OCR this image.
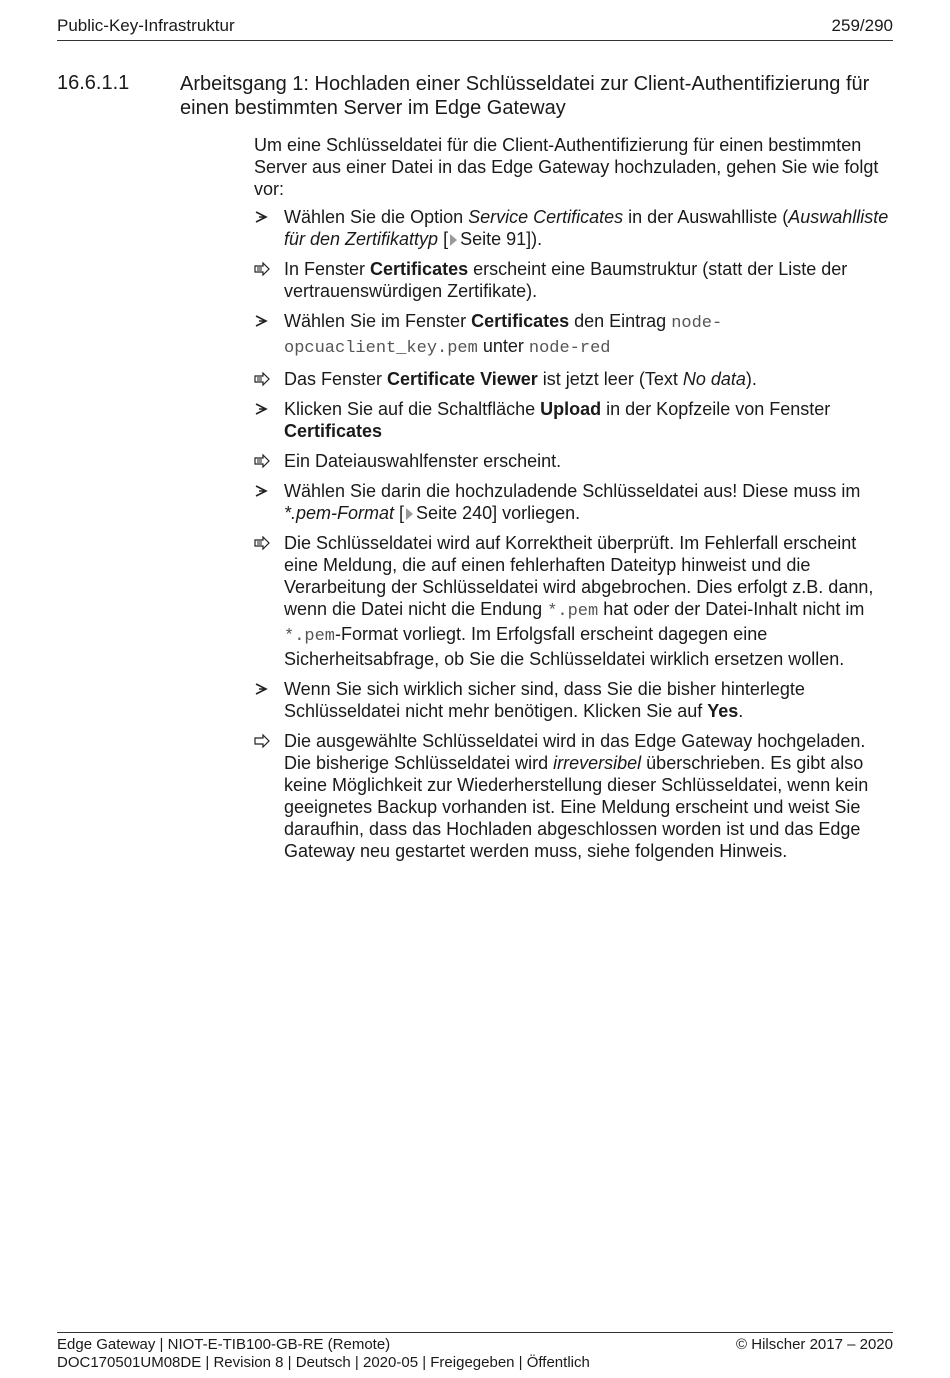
Public-Key-Infrastruktur	259/290
16.6.1.1	Arbeitsgang 1: Hochladen einer Schlüsseldatei zur Client-Authentifizierung für einen bestimmten Server im Edge Gateway

Um eine Schlüsseldatei für die Client-Authentifizierung für einen bestimmten Server aus einer Datei in das Edge Gateway hochzuladen, gehen Sie wie folgt vor:

Wählen Sie die Option Service Certificates in der Auswahlliste (Auswahlliste für den Zertifikattyp [ Seite 91]).
In Fenster Certificates erscheint eine Baumstruktur (statt der Liste der vertrauenswürdigen Zertifikate).
Wählen Sie im Fenster Certificates den Eintrag node-opcuaclient_key.pem unter node-red
Das Fenster Certificate Viewer ist jetzt leer (Text No data).
Klicken Sie auf die Schaltfläche Upload in der Kopfzeile von Fenster Certificates
Ein Dateiauswahlfenster erscheint.
Wählen Sie darin die hochzuladende Schlüsseldatei aus! Diese muss im *.pem-Format [ Seite 240] vorliegen.
Die Schlüsseldatei wird auf Korrektheit überprüft. Im Fehlerfall erscheint eine Meldung, die auf einen fehlerhaften Dateityp hinweist und die Verarbeitung der Schlüsseldatei wird abgebrochen. Dies erfolgt z.B. dann, wenn die Datei nicht die Endung *.pem hat oder der Datei-Inhalt nicht im *.pem-Format vorliegt. Im Erfolgsfall erscheint dagegen eine Sicherheitsabfrage, ob Sie die Schlüsseldatei wirklich ersetzen wollen.
Wenn Sie sich wirklich sicher sind, dass Sie die bisher hinterlegte Schlüsseldatei nicht mehr benötigen. Klicken Sie auf Yes.
Die ausgewählte Schlüsseldatei wird in das Edge Gateway hochgeladen. Die bisherige Schlüsseldatei wird irreversibel überschrieben. Es gibt also keine Möglichkeit zur Wiederherstellung dieser Schlüsseldatei, wenn kein geeignetes Backup vorhanden ist. Eine Meldung erscheint und weist Sie daraufhin, dass das Hochladen abgeschlossen worden ist und das Edge Gateway neu gestartet werden muss, siehe folgenden Hinweis.
Edge Gateway | NIOT-E-TIB100-GB-RE (Remote)
DOC170501UM08DE | Revision 8 | Deutsch | 2020-05 | Freigegeben | Öffentlich
© Hilscher 2017 – 2020
